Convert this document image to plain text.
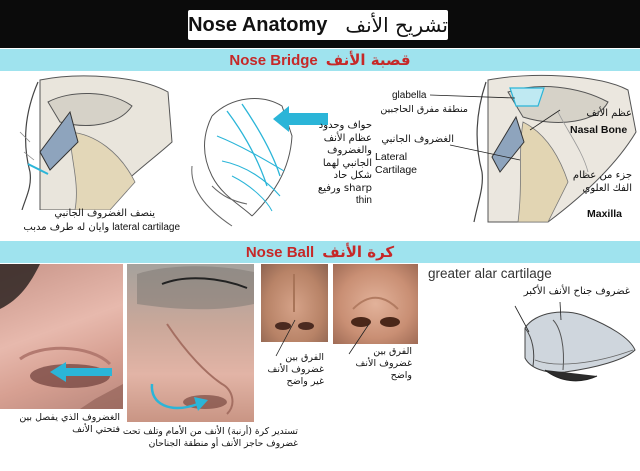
Nose Anatomy تشريح الأنف
Nose Bridge قصبة الأنف
ينصف الغضروف الجانبي
وايان له طرف مدبب lateral cartilage
حواف وحدود
عظام الأنف
والغضروف
الجانبي لهما
شكل حاد
sharp ورفيع
thin
glabella
منطقة مفرق الحاجبين
الغضروف الجانبي
Lateral
Cartilage
عظم الأنف
Nasal Bone
جزء من عظام
الفك العلوي
Maxilla
Nose Ball كرة الأنف
الغضروف الذي يفصل بين
فتحتي الأنف تستدير كرة (أرنبة) الأنف من الأمام وتلف تحت
غضروف حاجز الأنف أو منطقة الجناحان
الفرق بين
غضروف الأنف
غير واضح
الفرق بين
غضروف الأنف
واضح
greater alar cartilage
غضروف جناح الأنف الأكبر
